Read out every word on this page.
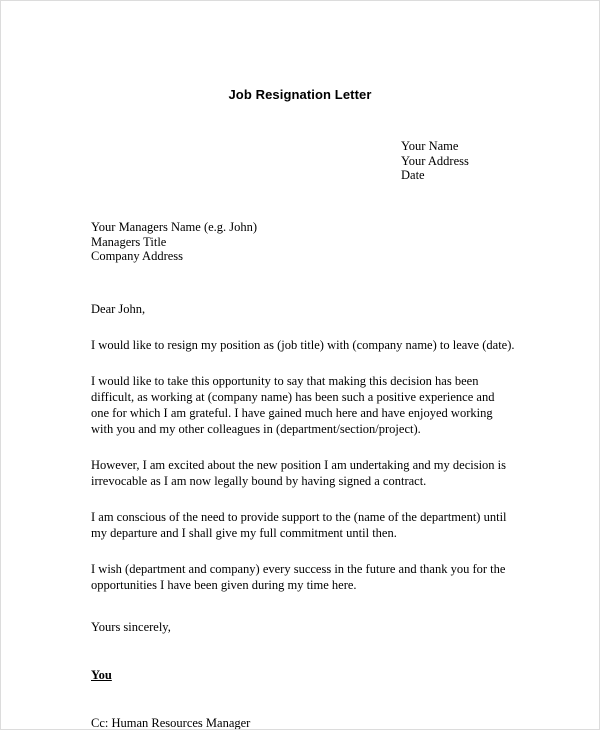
Job Resignation Letter
Your Name
Your Address
Date
Your Managers Name (e.g. John)
Managers Title
Company Address

Dear John,

I would like to resign my position as (job title) with (company name) to leave (date).

I would like to take this opportunity to say that making this decision has been difficult, as working at (company name) has been such a positive experience and one for which I am grateful. I have gained much here and have enjoyed working with you and my other colleagues in (department/section/project).

However, I am excited about the new position I am undertaking and my decision is irrevocable as I am now legally bound by having signed a contract.

I am conscious of the need to provide support to the (name of the department) until my departure and I shall give my full commitment until then.

I wish (department and company) every success in the future and thank you for the opportunities I have been given during my time here.

Yours sincerely,

You

Cc: Human Resources Manager
